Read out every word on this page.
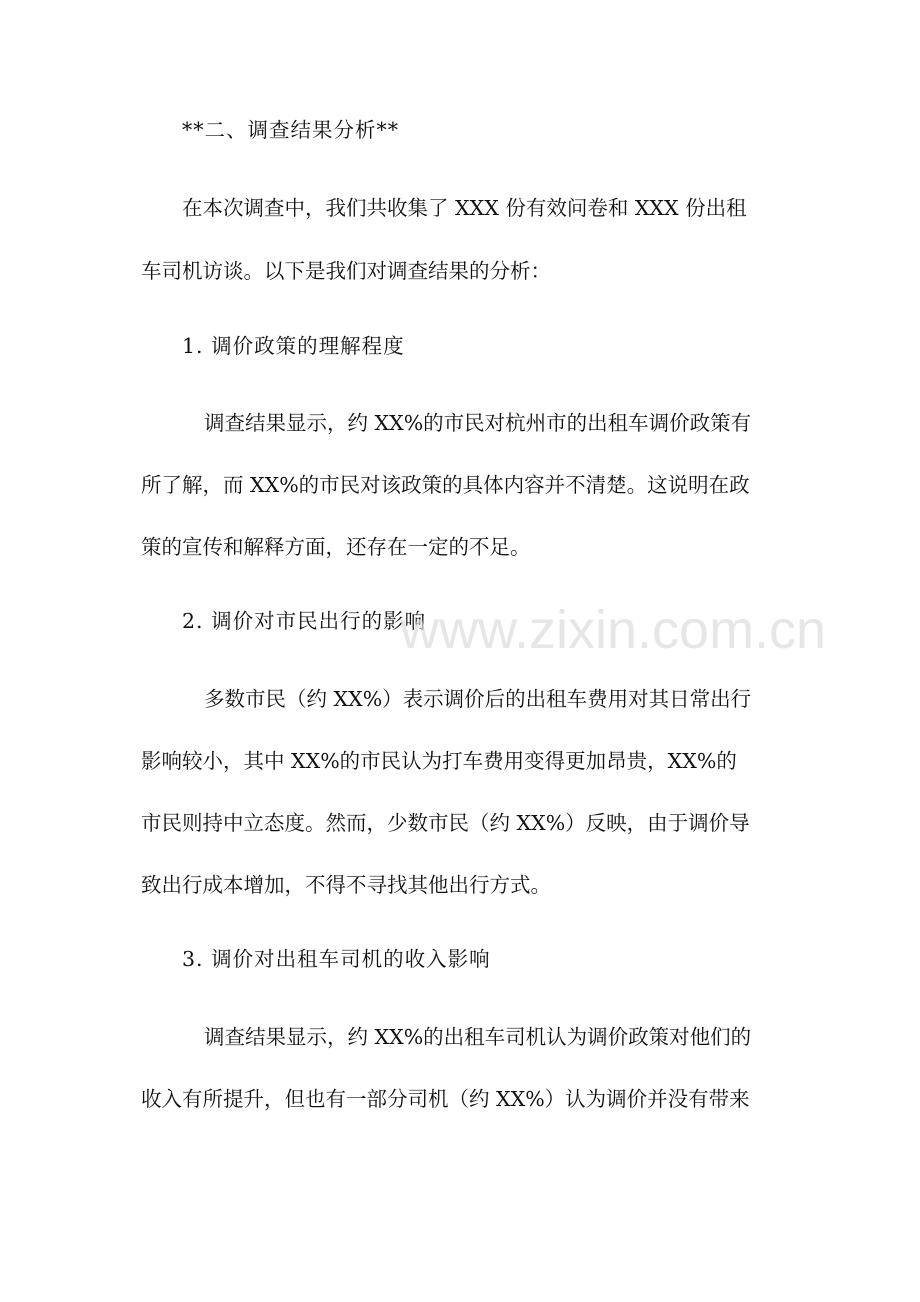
**二、调查结果分析**

在本次调查中，我们共收集了 XXX 份有效问卷和 XXX 份出租

车司机访谈。以下是我们对调查结果的分析：

1. 调价政策的理解程度

调查结果显示，约 XX%的市民对杭州市的出租车调价政策有

所了解，而 XX%的市民对该政策的具体内容并不清楚。这说明在政

策的宣传和解释方面，还存在一定的不足。

2. 调价对市民出行的影响

多数市民（约 XX%）表示调价后的出租车费用对其日常出行

影响较小，其中 XX%的市民认为打车费用变得更加昂贵，XX%的

市民则持中立态度。然而，少数市民（约 XX%）反映，由于调价导

致出行成本增加，不得不寻找其他出行方式。

3. 调价对出租车司机的收入影响

调查结果显示，约 XX%的出租车司机认为调价政策对他们的

收入有所提升，但也有一部分司机（约 XX%）认为调价并没有带来

www.zixin.com.cn
